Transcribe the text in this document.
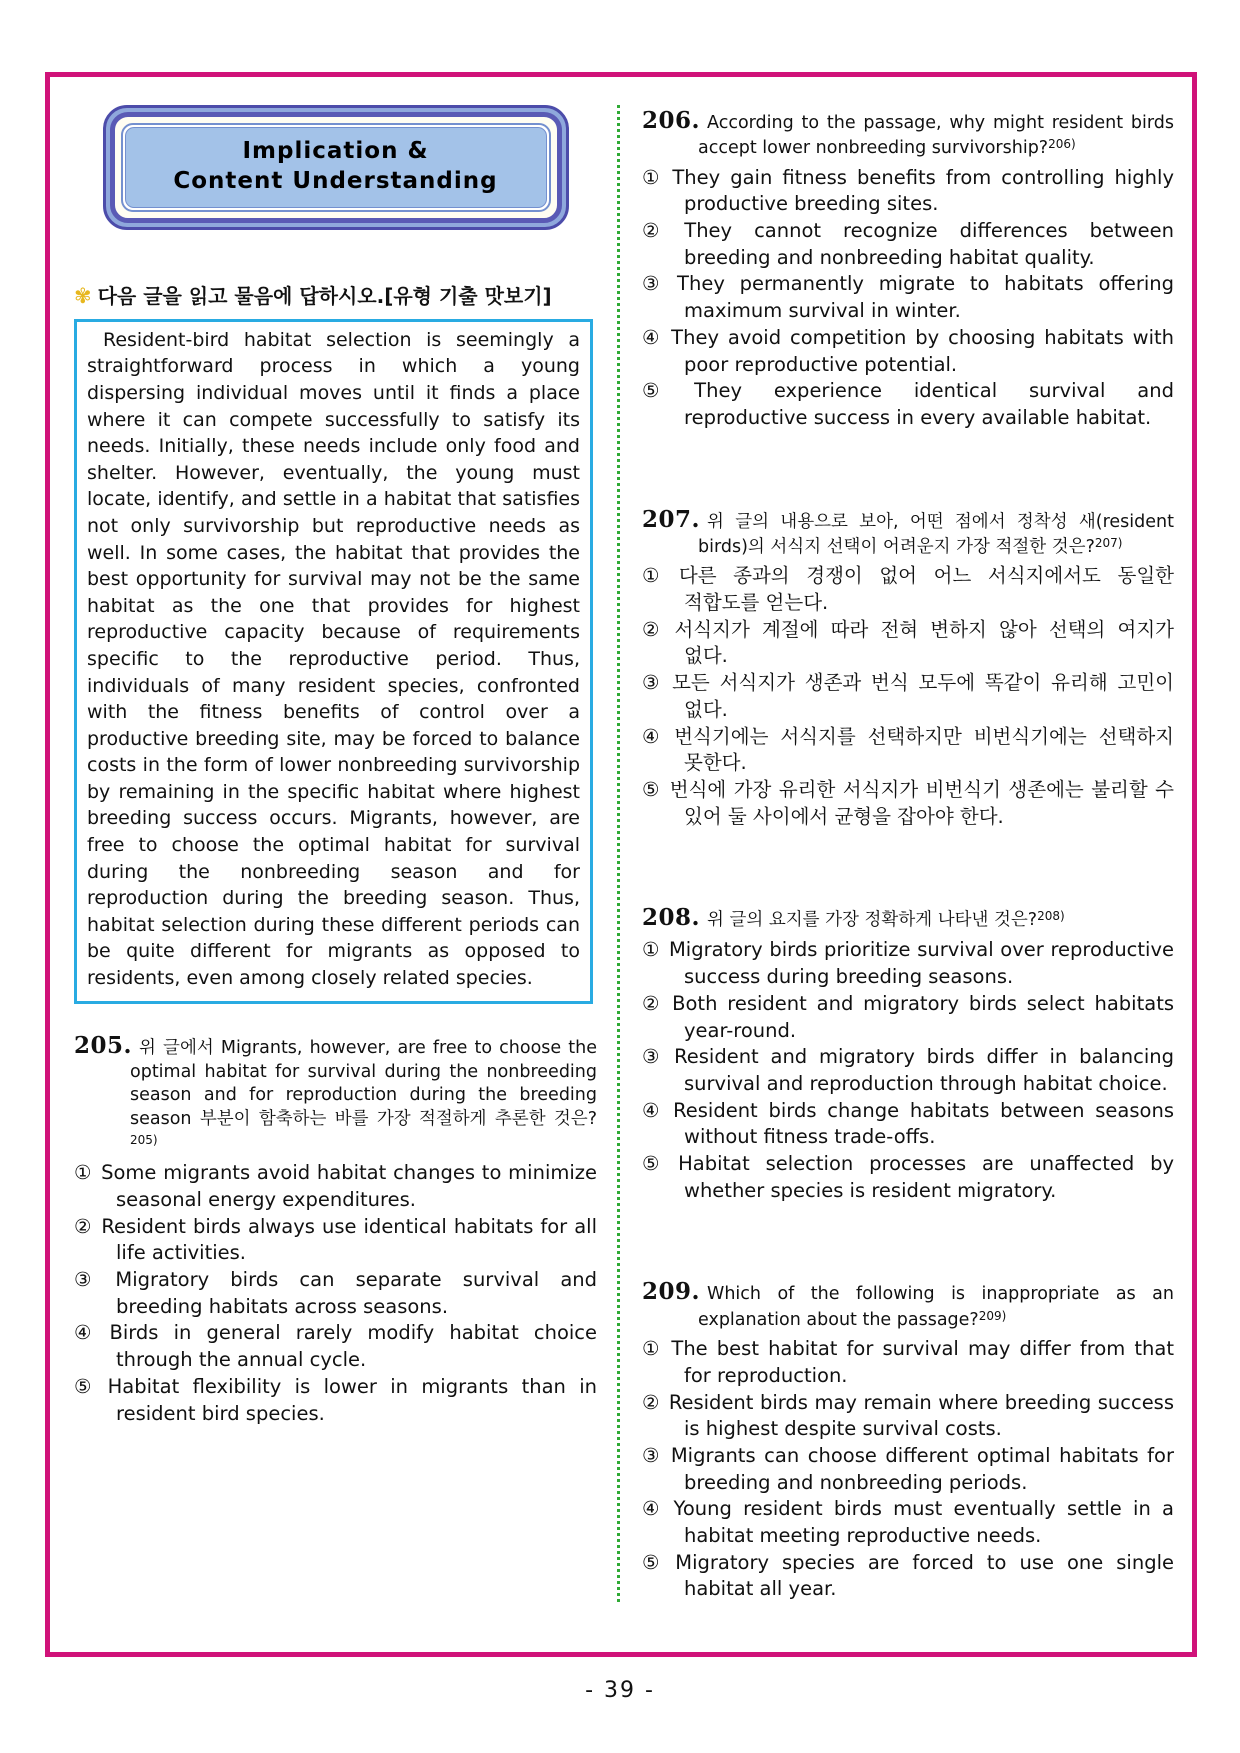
Implication &
Content Understanding
✾ 다음 글을 읽고 물음에 답하시오.[유형 기출 맛보기]

Resident-bird habitat selection is seemingly a straightforward process in which a young dispersing individual moves until it finds a place where it can compete successfully to satisfy its needs. Initially, these needs include only food and shelter. However, eventually, the young must locate, identify, and settle in a habitat that satisfies not only survivorship but reproductive needs as well. In some cases, the habitat that provides the best opportunity for survival may not be the same habitat as the one that provides for highest reproductive capacity because of requirements specific to the reproductive period. Thus, individuals of many resident species, confronted with the fitness benefits of control over a productive breeding site, may be forced to balance costs in the form of lower nonbreeding survivorship by remaining in the specific habitat where highest breeding success occurs. Migrants, however, are free to choose the optimal habitat for survival during the nonbreeding season and for reproduction during the breeding season. Thus, habitat selection during these different periods can be quite different for migrants as opposed to residents, even among closely related species.

205. 위 글에서 Migrants, however, are free to choose the optimal habitat for survival during the nonbreeding season and for reproduction during the breeding season 부분이 함축하는 바를 가장 적절하게 추론한 것은?$^{205)}$
① Some migrants avoid habitat changes to minimize seasonal energy expenditures.
② Resident birds always use identical habitats for all life activities.
③ Migratory birds can separate survival and breeding habitats across seasons.
④ Birds in general rarely modify habitat choice through the annual cycle.
⑤ Habitat flexibility is lower in migrants than in resident bird species.
206. According to the passage, why might resident birds accept lower nonbreeding survivorship?$^{206)}$
① They gain fitness benefits from controlling highly productive breeding sites.
② They cannot recognize differences between breeding and nonbreeding habitat quality.
③ They permanently migrate to habitats offering maximum survival in winter.
④ They avoid competition by choosing habitats with poor reproductive potential.
⑤ They experience identical survival and reproductive success in every available habitat.
207. 위 글의 내용으로 보아, 어떤 점에서 정착성 새(resident birds)의 서식지 선택이 어려운지 가장 적절한 것은?$^{207)}$
① 다른 종과의 경쟁이 없어 어느 서식지에서도 동일한 적합도를 얻는다.
② 서식지가 계절에 따라 전혀 변하지 않아 선택의 여지가 없다.
③ 모든 서식지가 생존과 번식 모두에 똑같이 유리해 고민이 없다.
④ 번식기에는 서식지를 선택하지만 비번식기에는 선택하지 못한다.
⑤ 번식에 가장 유리한 서식지가 비번식기 생존에는 불리할 수 있어 둘 사이에서 균형을 잡아야 한다.
208. 위 글의 요지를 가장 정확하게 나타낸 것은?$^{208)}$
① Migratory birds prioritize survival over reproductive success during breeding seasons.
② Both resident and migratory birds select habitats year-round.
③ Resident and migratory birds differ in balancing survival and reproduction through habitat choice.
④ Resident birds change habitats between seasons without fitness trade-offs.
⑤ Habitat selection processes are unaffected by whether species is resident migratory.
209. Which of the following is inappropriate as an explanation about the passage?$^{209)}$
① The best habitat for survival may differ from that for reproduction.
② Resident birds may remain where breeding success is highest despite survival costs.
③ Migrants can choose different optimal habitats for breeding and nonbreeding periods.
④ Young resident birds must eventually settle in a habitat meeting reproductive needs.
⑤ Migratory species are forced to use one single habitat all year.
- 39 -
